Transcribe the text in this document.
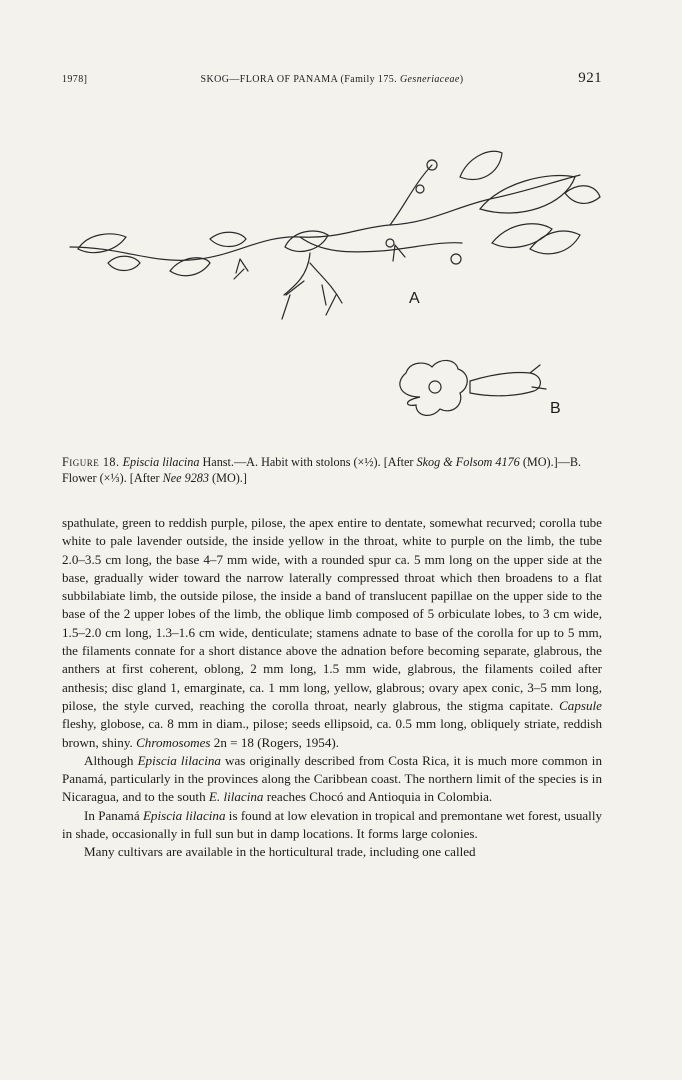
1978]	SKOG—FLORA OF PANAMA (Family 175. Gesneriaceae)	921
A
B
Figure 18. Episcia lilacina Hanst.—A. Habit with stolons (×½). [After Skog & Folsom 4176 (MO).]—B. Flower (×⅓). [After Nee 9283 (MO).]

spathulate, green to reddish purple, pilose, the apex entire to dentate, somewhat recurved; corolla tube white to pale lavender outside, the inside yellow in the throat, white to purple on the limb, the tube 2.0–3.5 cm long, the base 4–7 mm wide, with a rounded spur ca. 5 mm long on the upper side at the base, gradually wider toward the narrow laterally compressed throat which then broadens to a flat subbilabiate limb, the outside pilose, the inside a band of translucent papillae on the upper side to the base of the 2 upper lobes of the limb, the oblique limb composed of 5 orbiculate lobes, to 3 cm wide, 1.5–2.0 cm long, 1.3–1.6 cm wide, denticulate; stamens adnate to base of the corolla for up to 5 mm, the filaments connate for a short distance above the adnation before becoming separate, glabrous, the anthers at first coherent, oblong, 2 mm long, 1.5 mm wide, glabrous, the filaments coiled after anthesis; disc gland 1, emarginate, ca. 1 mm long, yellow, glabrous; ovary apex conic, 3–5 mm long, pilose, the style curved, reaching the corolla throat, nearly glabrous, the stigma capitate. Capsule fleshy, globose, ca. 8 mm in diam., pilose; seeds ellipsoid, ca. 0.5 mm long, obliquely striate, reddish brown, shiny. Chromosomes 2n = 18 (Rogers, 1954).

Although Episcia lilacina was originally described from Costa Rica, it is much more common in Panamá, particularly in the provinces along the Caribbean coast. The northern limit of the species is in Nicaragua, and to the south E. lilacina reaches Chocó and Antioquia in Colombia.

In Panamá Episcia lilacina is found at low elevation in tropical and premontane wet forest, usually in shade, occasionally in full sun but in damp locations. It forms large colonies.

Many cultivars are available in the horticultural trade, including one called
